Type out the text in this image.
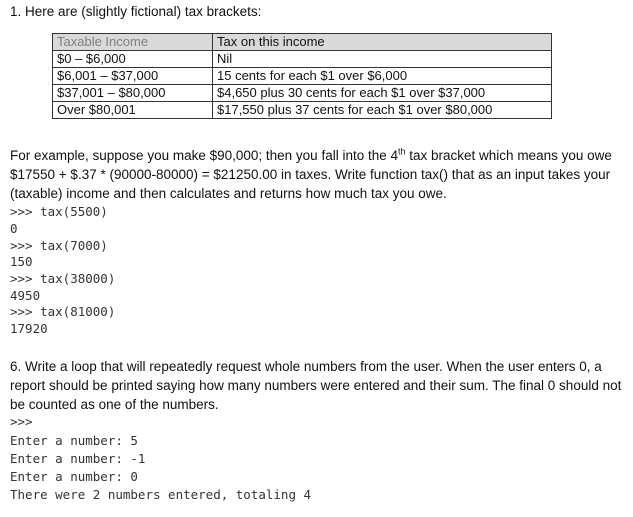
1. Here are (slightly fictional) tax brackets:
Taxable Income	Tax on this income
$0 – $6,000	Nil
$6,001 – $37,000	15 cents for each $1 over $6,000
$37,001 – $80,000	$4,650 plus 30 cents for each $1 over $37,000
Over $80,001	$17,550 plus 37 cents for each $1 over $80,000
For example, suppose you make $90,000; then you fall into the 4th tax bracket which means you owe $17550 + $.37 * (90000-80000) = $21250.00 in taxes. Write function tax() that as an input takes your (taxable) income and then calculates and returns how much tax you owe.
>>> tax(5500)
0
>>> tax(7000)
150
>>> tax(38000)
4950
>>> tax(81000)
17920
6. Write a loop that will repeatedly request whole numbers from the user. When the user enters 0, a report should be printed saying how many numbers were entered and their sum. The final 0 should not be counted as one of the numbers.
>>>
Enter a number: 5
Enter a number: -1
Enter a number: 0
There were 2 numbers entered, totaling 4
